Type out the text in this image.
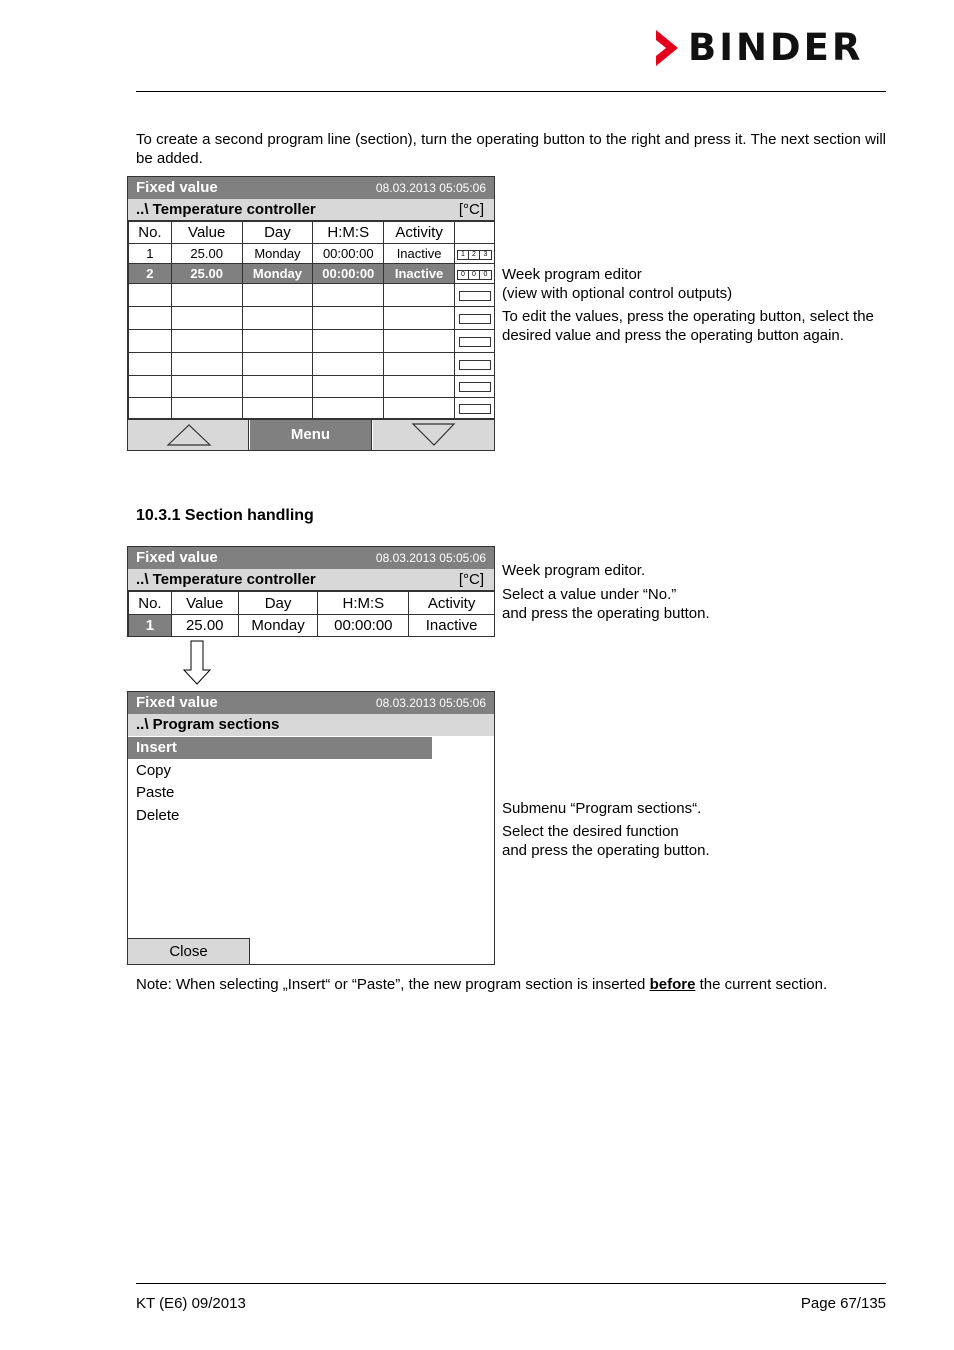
BINDER
To create a second program line (section), turn the operating button to the right and press it. The next section will be added.
Fixed value	08.03.2013 05:05:06
..\ Temperature controller	[°C]
No.	Value	Day	H:M:S	Activity	
1	25.00	Monday	00:00:00	Inactive	1 2 3

2	25.00	Monday	00:00:00	Inactive	0 0 0

Menu
Week program editor
(view with optional control outputs)
To edit the values, press the operating button, select the desired value and press the operating button again.
10.3.1 Section handling
Fixed value	08.03.2013 05:05:06
..\ Temperature controller	[°C]
No.	Value	Day	H:M:S	Activity
1	25.00	Monday	00:00:00	Inactive
Week program editor.
Select a value under “No.”
and press the operating button.
Fixed value	08.03.2013 05:05:06
..\ Program sections
Insert
Copy
Paste
Delete
Close
Submenu “Program sections“.
Select the desired function
and press the operating button.
Note: When selecting „Insert“ or “Paste”, the new program section is inserted before the current section.
KT (E6) 09/2013	Page 67/135
